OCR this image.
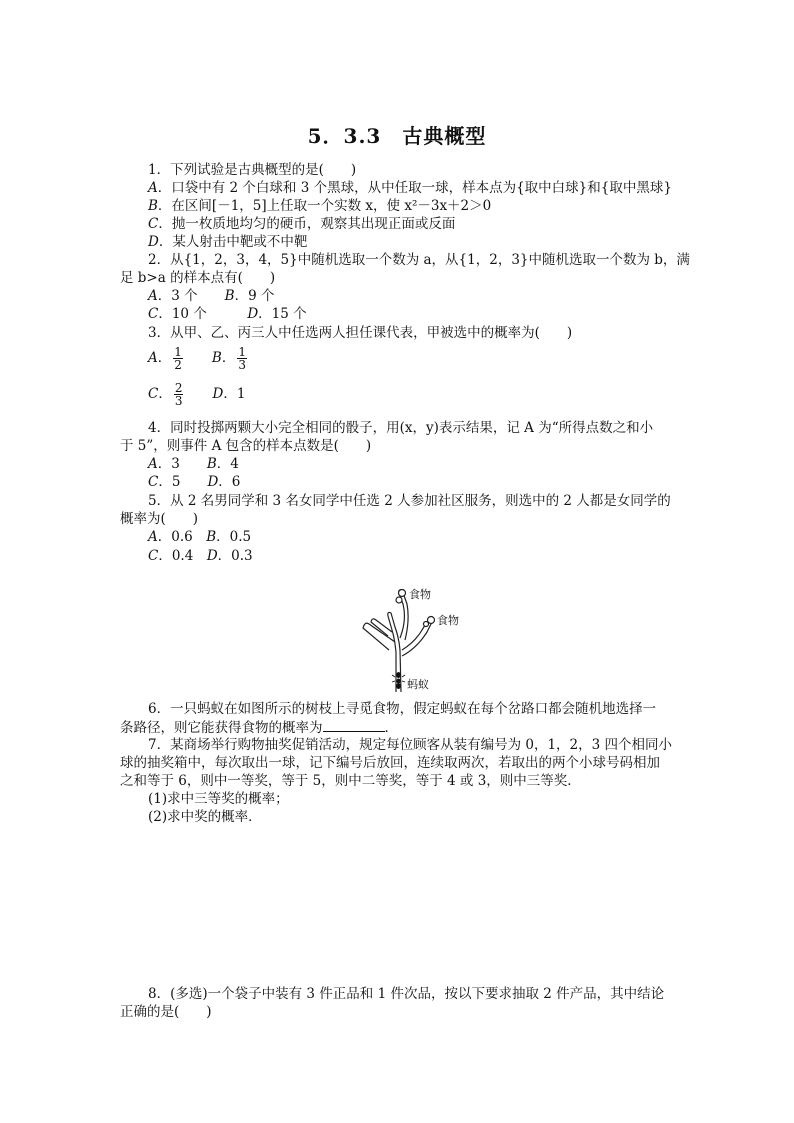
5．3.3　古典概型
1．下列试验是古典概型的是(　　)
A．口袋中有 2 个白球和 3 个黑球，从中任取一球，样本点为{取中白球}和{取中黑球}
B．在区间[－1，5]上任取一个实数 x，使 x²－3x＋2＞0
C．抛一枚质地均匀的硬币，观察其出现正面或反面
D．某人射击中靶或不中靶
2．从{1，2，3，4，5}中随机选取一个数为 a，从{1，2，3}中随机选取一个数为 b，满
足 b>a 的样本点有(　　)
A．3 个　　 B．9 个
C．10 个　　　	D．15 个
3．从甲、乙、丙三人中任选两人担任课代表，甲被选中的概率为(　　)
A． $\frac{1}{2}$
　　 B． $\frac{1}{3}$
C． $\frac{2}{3}$
　　 D．1
4．同时投掷两颗大小完全相同的骰子，用(x，y)表示结果，记 A 为“所得点数之和小
于 5”，则事件 A 包含的样本点数是(　　)
A．3　　 B．4
C．5　　 D．6
5．从 2 名男同学和 3 名女同学中任选 2 人参加社区服务，则选中的 2 人都是女同学的
概率为(　　)
A．0.6　 B．0.5
C．0.4　 D．0.3
食物
食物
蚂蚁
6．一只蚂蚁在如图所示的树枝上寻觅食物，假定蚂蚁在每个岔路口都会随机地选择一
条路径，则它能获得食物的概率为	．
7．某商场举行购物抽奖促销活动，规定每位顾客从装有编号为 0，1，2，3 四个相同小
球的抽奖箱中，每次取出一球，记下编号后放回，连续取两次，若取出的两个小球号码相加
之和等于 6，则中一等奖，等于 5，则中二等奖，等于 4 或 3，则中三等奖．
(1)求中三等奖的概率；
(2)求中奖的概率．
8．(多选)一个袋子中装有 3 件正品和 1 件次品，按以下要求抽取 2 件产品，其中结论
正确的是(　　)
